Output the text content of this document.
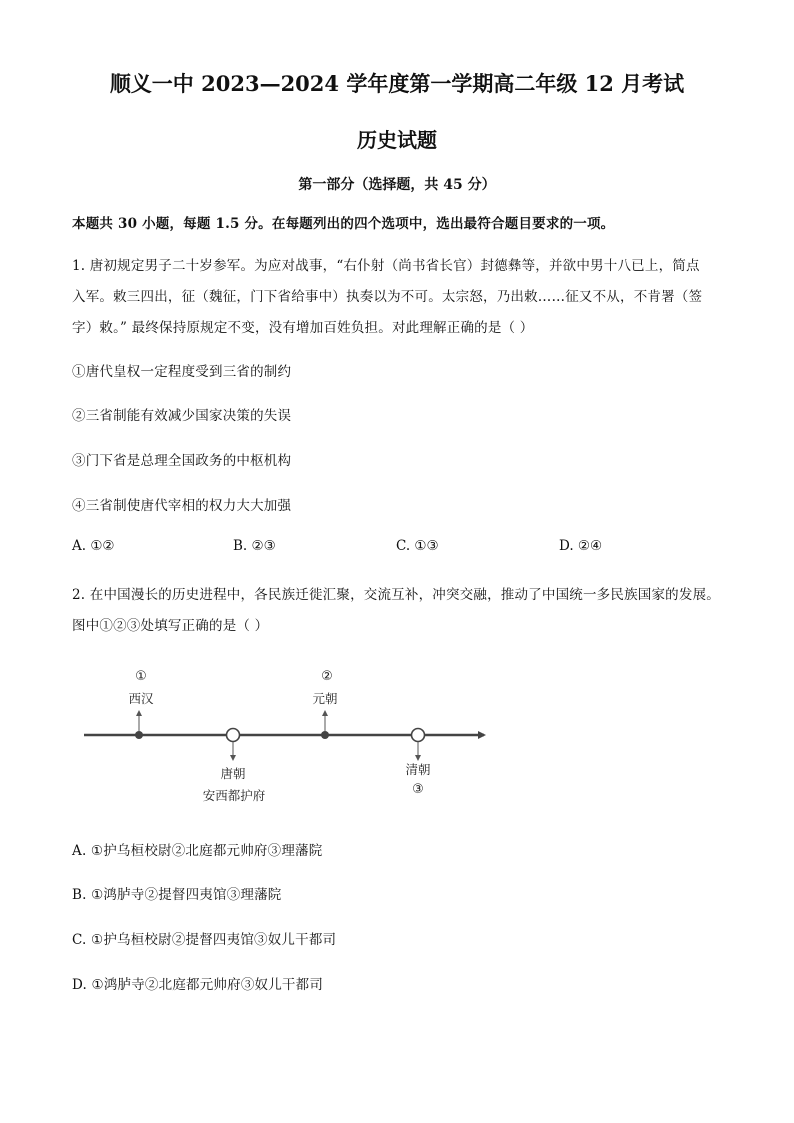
顺义一中 2023—2024 学年度第一学期高二年级 12 月考试
历史试题
第一部分（选择题，共 45 分）
本题共 30 小题，每题 1.5 分。在每题列出的四个选项中，选出最符合题目要求的一项。
1. 唐初规定男子二十岁参军。为应对战事，“右仆射（尚书省长官）封德彝等，并欲中男十八已上，简点
入军。敕三四出，征（魏征，门下省给事中）执奏以为不可。太宗怒，乃出敕……征又不从，不肯署（签
字）敕。” 最终保持原规定不变，没有增加百姓负担。对此理解正确的是（ ）
①唐代皇权一定程度受到三省的制约
②三省制能有效减少国家决策的失误
③门下省是总理全国政务的中枢机构
④三省制使唐代宰相的权力大大加强
A. ①②	B. ②③	C. ①③	D. ②④
2. 在中国漫长的历史进程中，各民族迁徙汇聚，交流互补，冲突交融，推动了中国统一多民族国家的发展。
图中①②③处填写正确的是（ ）
西汉
①
唐朝
安西都护府
元朝
②
清朝
③
A. ①护乌桓校尉②北庭都元帅府③理藩院
B. ①鸿胪寺②提督四夷馆③理藩院
C. ①护乌桓校尉②提督四夷馆③奴儿干都司
D. ①鸿胪寺②北庭都元帅府③奴儿干都司
